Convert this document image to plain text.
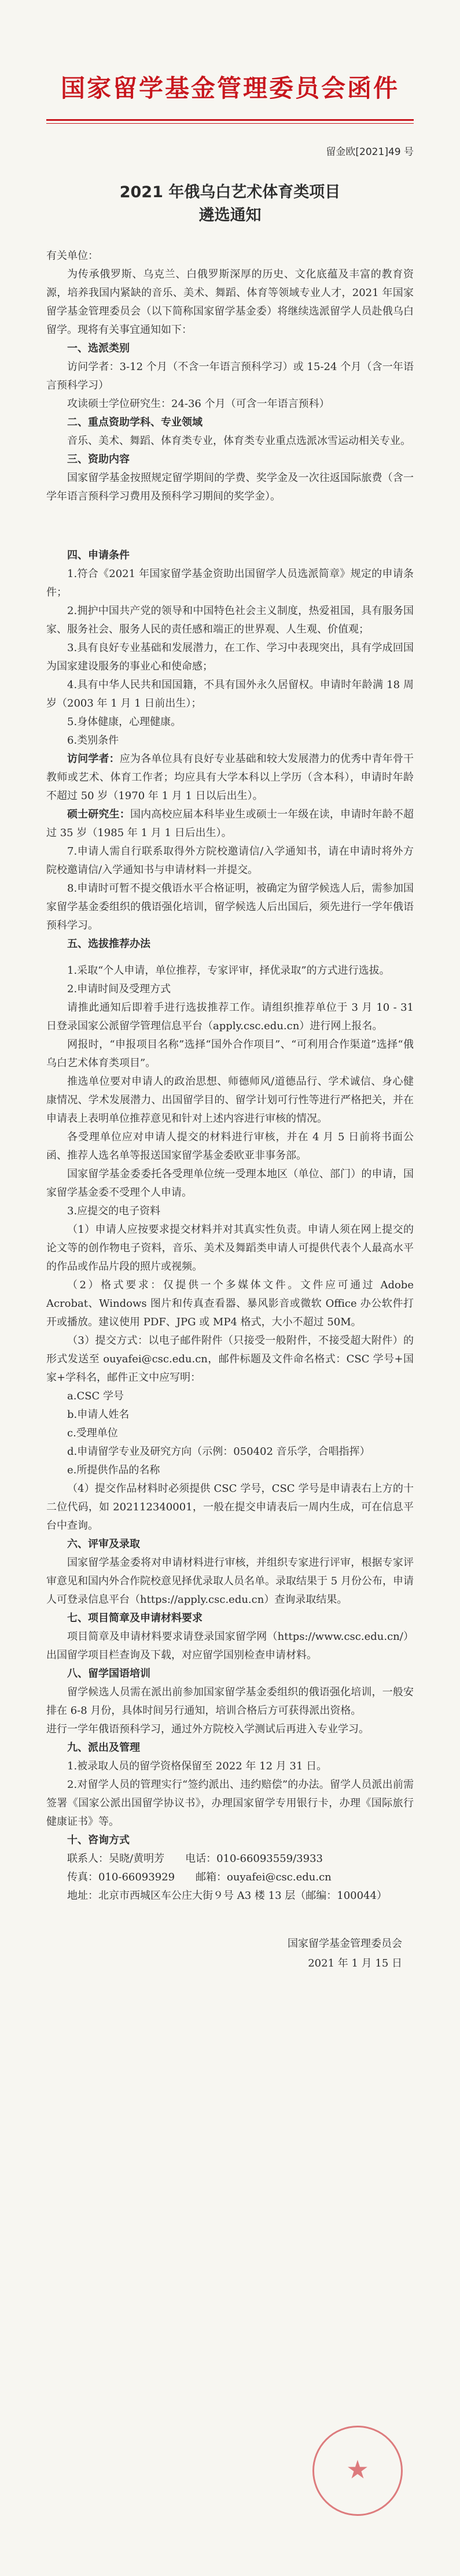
国家留学基金管理委员会函件
留金欧[2021]49 号
2021 年俄乌白艺术体育类项目
遴选通知

有关单位：

为传承俄罗斯、乌克兰、白俄罗斯深厚的历史、文化底蕴及丰富的教育资源，培养我国内紧缺的音乐、美术、舞蹈、体育等领域专业人才，2021 年国家留学基金管理委员会（以下简称国家留学基金委）将继续选派留学人员赴俄乌白留学。现将有关事宜通知如下：

一、选派类别

访问学者：3-12 个月（不含一年语言预科学习）或 15-24 个月（含一年语言预科学习）

攻读硕士学位研究生：24-36 个月（可含一年语言预科）

二、重点资助学科、专业领域

音乐、美术、舞蹈、体育类专业，体育类专业重点选派冰雪运动相关专业。

三、资助内容

国家留学基金按照规定留学期间的学费、奖学金及一次往返国际旅费（含一学年语言预科学习费用及预科学习期间的奖学金）。

四、申请条件

1.符合《2021 年国家留学基金资助出国留学人员选派简章》规定的申请条件；

2.拥护中国共产党的领导和中国特色社会主义制度，热爱祖国，具有服务国家、服务社会、服务人民的责任感和端正的世界观、人生观、价值观；

3.具有良好专业基础和发展潜力，在工作、学习中表现突出，具有学成回国为国家建设服务的事业心和使命感；

4.具有中华人民共和国国籍，不具有国外永久居留权。申请时年龄满 18 周岁（2003 年 1 月 1 日前出生）；

5.身体健康，心理健康。

6.类别条件

访问学者：应为各单位具有良好专业基础和较大发展潜力的优秀中青年骨干教师或艺术、体育工作者；均应具有大学本科以上学历（含本科），申请时年龄不超过 50 岁（1970 年 1 月 1 日以后出生）。

硕士研究生：国内高校应届本科毕业生或硕士一年级在读，申请时年龄不超过 35 岁（1985 年 1 月 1 日后出生）。

7.申请人需自行联系取得外方院校邀请信/入学通知书，请在申请时将外方院校邀请信/入学通知书与申请材料一并提交。

8.申请时可暂不提交俄语水平合格证明，被确定为留学候选人后，需参加国家留学基金委组织的俄语强化培训，留学候选人后出国后，须先进行一学年俄语预科学习。

五、选拔推荐办法

1.采取“个人申请，单位推荐，专家评审，择优录取”的方式进行选拔。

2.申请时间及受理方式

请推此通知后即着手进行选拔推荐工作。请组织推荐单位于 3 月 10 - 31 日登录国家公派留学管理信息平台（apply.csc.edu.cn）进行网上报名。

网报时，“申报项目名称”选择“国外合作项目”、“可利用合作渠道”选择“俄乌白艺术体育类项目”。

推选单位要对申请人的政治思想、师德师风/道德品行、学术诚信、身心健康情况、学术发展潜力、出国留学目的、留学计划可行性等进行严格把关，并在申请表上表明单位推荐意见和针对上述内容进行审核的情况。

各受理单位应对申请人提交的材料进行审核，并在 4 月 5 日前将书面公函、推荐人选名单等报送国家留学基金委欧亚非事务部。

国家留学基金委委托各受理单位统一受理本地区（单位、部门）的申请，国家留学基金委不受理个人申请。

3.应提交的电子资料

（1）申请人应按要求提交材料并对其真实性负责。申请人须在网上提交的论文等的创作物电子资料，音乐、美术及舞蹈类申请人可提供代表个人最高水平的作品或作品片段的照片或视频。

（2）格式要求：仅提供一个多媒体文件。文件应可通过 Adobe Acrobat、Windows 图片和传真查看器、暴风影音或微软 Office 办公软件打开或播放。建议使用 PDF、JPG 或 MP4 格式，大小不超过 50M。

（3）提交方式：以电子邮件附件（只接受一般附件，不接受超大附件）的形式发送至 ouyafei@csc.edu.cn，邮件标题及文件命名格式：CSC 学号+国家+学科名，邮件正文中应写明：

a.CSC 学号

b.申请人姓名

c.受理单位

d.申请留学专业及研究方向（示例：050402 音乐学，合唱指挥）

e.所提供作品的名称

（4）提交作品材料时必须提供 CSC 学号，CSC 学号是申请表右上方的十二位代码，如 202112340001，一般在提交申请表后一周内生成，可在信息平台中查询。

六、评审及录取

国家留学基金委将对申请材料进行审核，并组织专家进行评审，根据专家评审意见和国内外合作院校意见择优录取人员名单。录取结果于 5 月份公布，申请人可登录信息平台（https://apply.csc.edu.cn）查询录取结果。

七、项目简章及申请材料要求

项目简章及申请材料要求请登录国家留学网（https://www.csc.edu.cn/）出国留学项目栏查询及下载，对应留学国别检查申请材料。

八、留学国语培训

留学候选人员需在派出前参加国家留学基金委组织的俄语强化培训，一般安排在 6-8 月份，具体时间另行通知，培训合格后方可获得派出资格。

进行一学年俄语预科学习，通过外方院校入学测试后再进入专业学习。

九、派出及管理

1.被录取人员的留学资格保留至 2022 年 12 月 31 日。

2.对留学人员的管理实行“签约派出、违约赔偿”的办法。留学人员派出前需签署《国家公派出国留学协议书》，办理国家留学专用银行卡，办理《国际旅行健康证书》等。

十、咨询方式

联系人：吴晓/黄明芳　　电话：010-66093559/3933

传真：010-66093929　　邮箱：ouyafei@csc.edu.cn

地址：北京市西城区车公庄大街９号 A3 楼 13 层（邮编：100044）

国家留学基金管理委员会
2021 年 1 月 15 日
★
